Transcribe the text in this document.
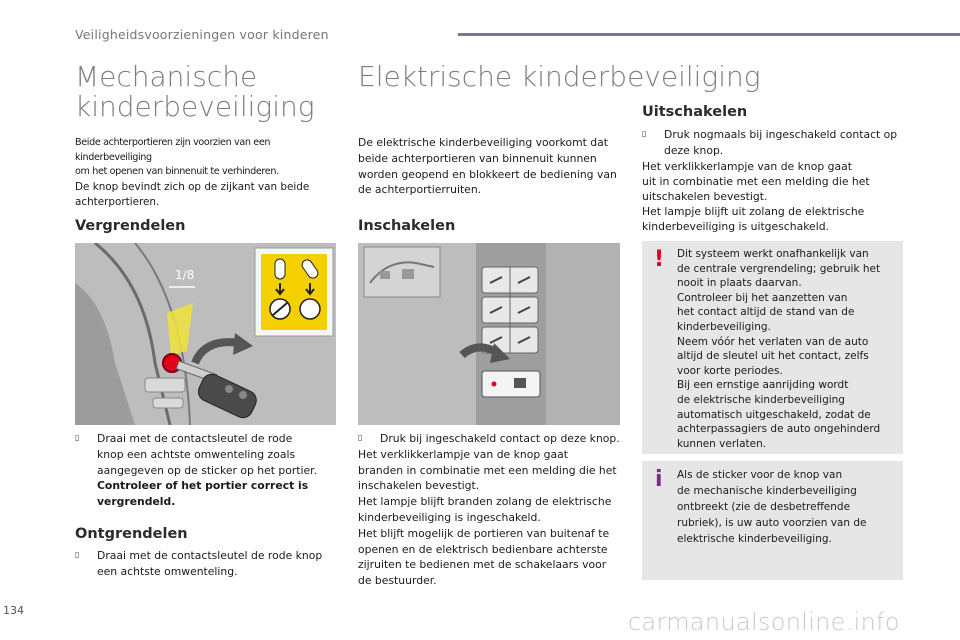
Veiligheidsvoorzieningen voor kinderen
Mechanische
kinderbeveiliging
Beide achterportieren zijn voorzien van een kinderbeveiliging
om het openen van binnenuit te verhinderen.
De knop bevindt zich op de zijkant van beide
achterportieren.
Vergrendelen
1/8
▯	Draai met de contactsleutel de rode
knop een achtste omwenteling zoals
aangegeven op de sticker op het portier.
Controleer of het portier correct is
vergrendeld.
Ontgrendelen
▯	Draai met de contactsleutel de rode knop
een achtste omwenteling.
Elektrische kinderbeveiliging
De elektrische kinderbeveiliging voorkomt dat
beide achterportieren van binnenuit kunnen
worden geopend en blokkeert de bediening van
de achterportierruiten.
Inschakelen
▯	Druk bij ingeschakeld contact op deze knop.
Het verklikkerlampje van de knop gaat
branden in combinatie met een melding die het
inschakelen bevestigt.
Het lampje blijft branden zolang de elektrische
kinderbeveiliging is ingeschakeld.
Het blijft mogelijk de portieren van buitenaf te
openen en de elektrisch bedienbare achterste
zijruiten te bedienen met de schakelaars voor
de bestuurder.
Uitschakelen
▯	Druk nogmaals bij ingeschakeld contact op
deze knop.
Het verklikkerlampje van de knop gaat
uit in combinatie met een melding die het
uitschakelen bevestigt.
Het lampje blijft uit zolang de elektrische
kinderbeveiliging is uitgeschakeld.
! Dit systeem werkt onafhankelijk van
de centrale vergrendeling; gebruik het
nooit in plaats daarvan.
Controleer bij het aanzetten van
het contact altijd de stand van de
kinderbeveiliging.
Neem vóór het verlaten van de auto
altijd de sleutel uit het contact, zelfs
voor korte periodes.
Bij een ernstige aanrijding wordt
de elektrische kinderbeveiliging
automatisch uitgeschakeld, zodat de
achterpassagiers de auto ongehinderd
kunnen verlaten.
i Als de sticker voor de knop van
de mechanische kinderbeveiliging
ontbreekt (zie de desbetreffende
rubriek), is uw auto voorzien van de
elektrische kinderbeveiliging.
134	carmanualsonline.info
